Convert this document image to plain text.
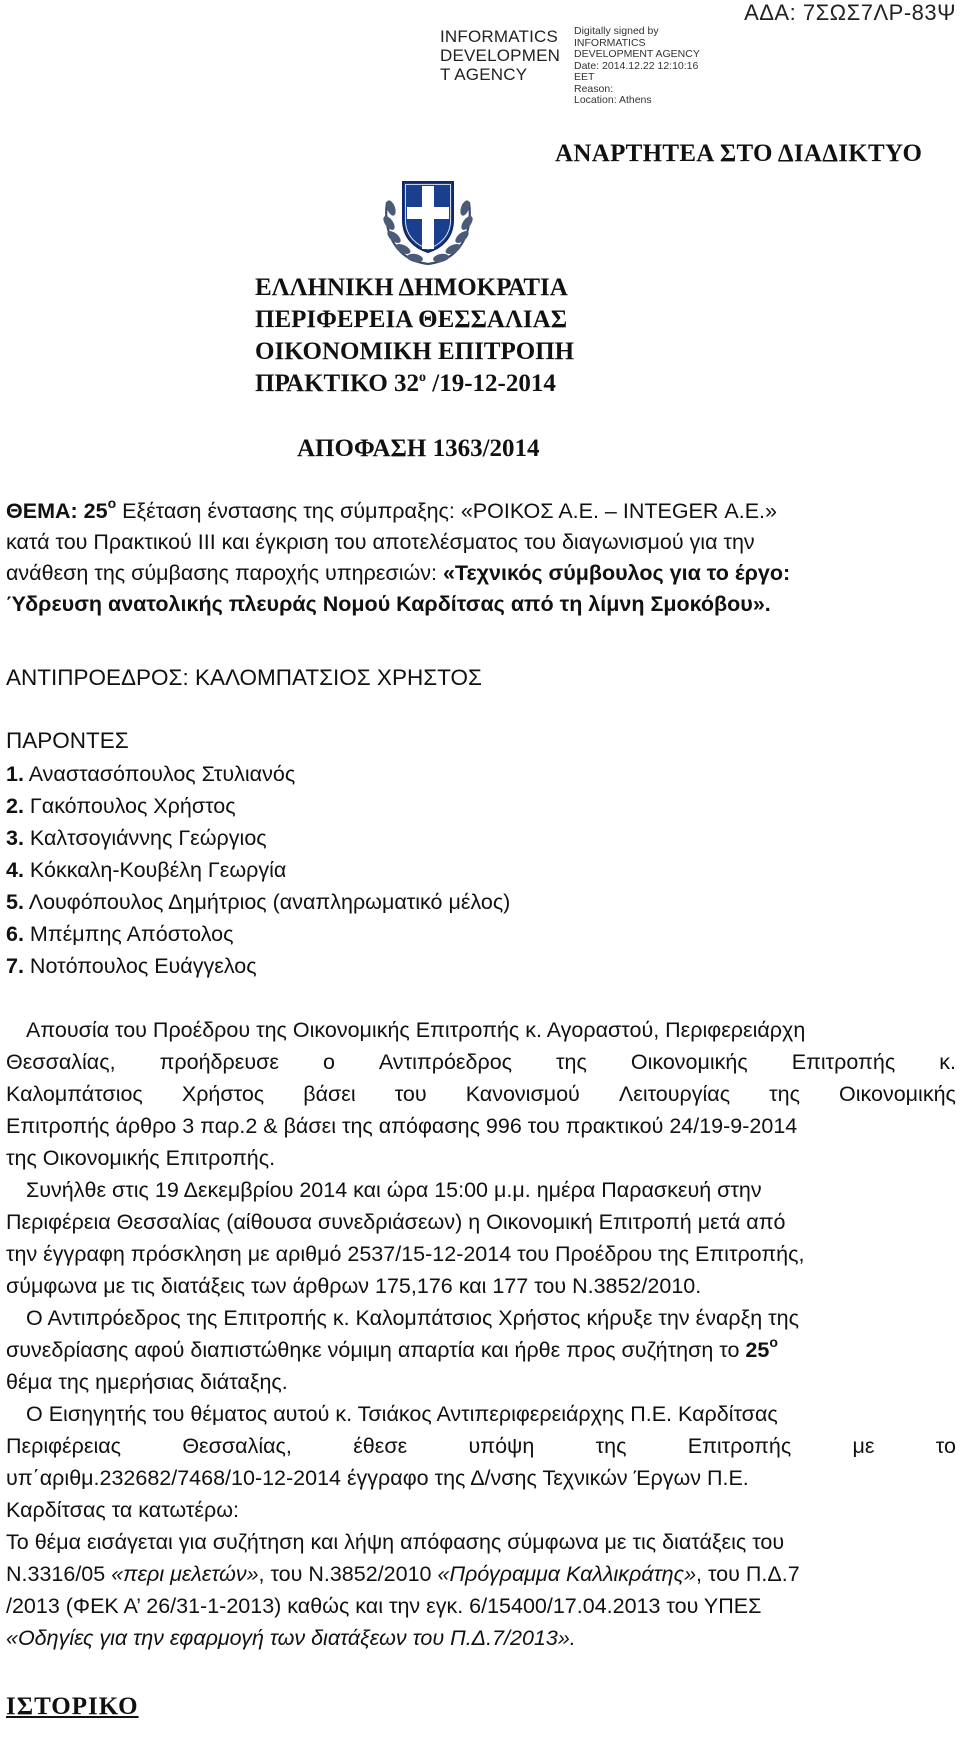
INFORMATICS
DEVELOPMEN
T AGENCY
Digitally signed by
INFORMATICS
DEVELOPMENT AGENCY
Date: 2014.12.22 12:10:16
EET
Reason:
Location: Athens
ΑΔΑ: 7ΣΩΣ7ΛΡ-83Ψ
ΑΝΑΡΤΗΤΕΑ ΣΤΟ ΔΙΑΔΙΚΤΥΟ
ΕΛΛΗΝΙΚΗ ΔΗΜΟΚΡΑΤΙΑ
ΠΕΡΙΦΕΡΕΙΑ ΘΕΣΣΑΛΙΑΣ
ΟΙΚΟΝΟΜΙΚΗ ΕΠΙΤΡΟΠΗ
ΠΡΑΚΤΙΚΟ $32^o$ /19-12-2014
ΑΠΟΦΑΣΗ 1363/2014
ΘΕΜΑ: $25^o$ Εξέταση ένστασης της σύμπραξης: «ΡΟΙΚΟΣ Α.Ε. – INTEGER Α.Ε.»
κατά του Πρακτικού ΙΙΙ και έγκριση του αποτελέσματος του διαγωνισμού για την
ανάθεση της σύμβασης παροχής υπηρεσιών: «Τεχνικός σύμβουλος για το έργο:
Ύδρευση ανατολικής πλευράς Νομού Καρδίτσας από τη λίμνη Σμοκόβου».
ΑΝΤΙΠΡΟΕΔΡΟΣ: ΚΑΛΟΜΠΑΤΣΙΟΣ ΧΡΗΣΤΟΣ
ΠΑΡΟΝΤΕΣ
1. Αναστασόπουλος Στυλιανός
2. Γακόπουλος Χρήστος
3. Καλτσογιάννης Γεώργιος
4. Κόκκαλη-Κουβέλη Γεωργία
5. Λουφόπουλος Δημήτριος (αναπληρωματικό μέλος)
6. Μπέμπης Απόστολος
7. Νοτόπουλος Ευάγγελος
Απουσία του Προέδρου της Οικονομικής Επιτροπής κ. Αγοραστού, Περιφερειάρχη
Θεσσαλίας, προήδρευσε ο Αντιπρόεδρος της Οικονομικής Επιτροπής κ.
Καλομπάτσιος Χρήστος βάσει του Κανονισμού Λειτουργίας της Οικονομικής
Επιτροπής άρθρο 3 παρ.2 & βάσει της απόφασης 996 του πρακτικού 24/19-9-2014
της Οικονομικής Επιτροπής.
Συνήλθε στις 19 Δεκεμβρίου 2014 και ώρα 15:00 μ.μ. ημέρα Παρασκευή στην
Περιφέρεια Θεσσαλίας (αίθουσα συνεδριάσεων) η Οικονομική Επιτροπή μετά από
την έγγραφη πρόσκληση με αριθμό 2537/15-12-2014 του Προέδρου της Επιτροπής,
σύμφωνα με τις διατάξεις των άρθρων 175,176 και 177 του Ν.3852/2010.
Ο Αντιπρόεδρος της Επιτροπής κ. Καλομπάτσιος Χρήστος κήρυξε την έναρξη της
συνεδρίασης αφού διαπιστώθηκε νόμιμη απαρτία και ήρθε προς συζήτηση το $25^o$
θέμα της ημερήσιας διάταξης.
Ο Εισηγητής του θέματος αυτού κ. Τσιάκος Αντιπεριφερειάρχης Π.Ε. Καρδίτσας
Περιφέρειας	Θεσσαλίας,	έθεσε	υπόψη	της	Επιτροπής	με	το
υπ΄αριθμ.232682/7468/10-12-2014 έγγραφο της Δ/νσης Τεχνικών Έργων Π.Ε.
Καρδίτσας τα κατωτέρω:
Το θέμα εισάγεται για συζήτηση και λήψη απόφασης σύμφωνα με τις διατάξεις του
Ν.3316/05 «περι μελετών», του Ν.3852/2010 «Πρόγραμμα Καλλικράτης», του Π.Δ.7
/2013 (ΦΕΚ Α’ 26/31-1-2013) καθώς και την εγκ. 6/15400/17.04.2013 του ΥΠΕΣ
«Οδηγίες για την εφαρμογή των διατάξεων του Π.Δ.7/2013».
ΙΣΤΟΡΙΚΟ
